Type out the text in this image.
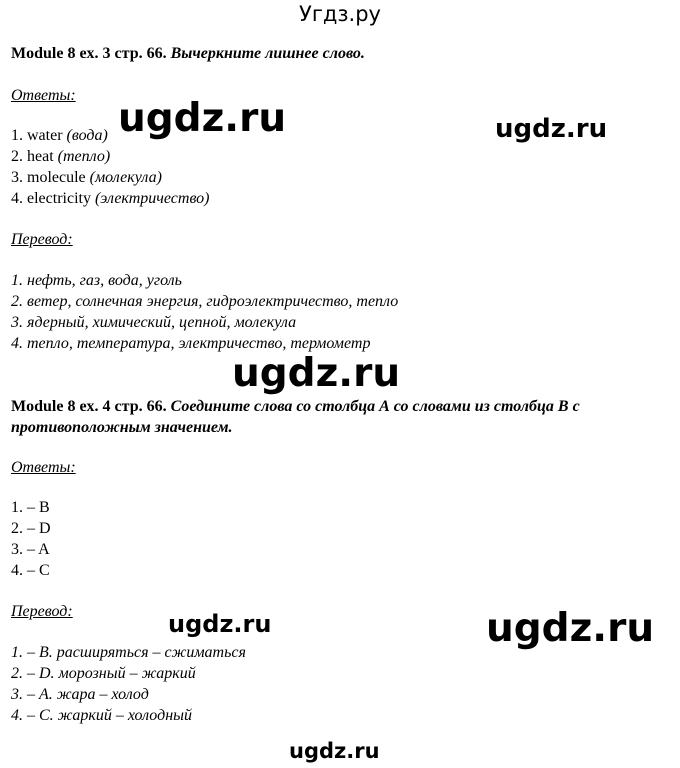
Угдз.ру
Module 8 ex. 3 стр. 66. Вычеркните лишнее слово.
Ответы:
1. water (вода)
2. heat (тепло)
3. molecule (молекула)
4. electricity (электричество)
Перевод:
1. нефть, газ, вода, уголь
2. ветер, солнечная энергия, гидроэлектричество, тепло
3. ядерный, химический, цепной, молекула
4. тепло, температура, электричество, термометр
Module 8 ex. 4 стр. 66. Соедините слова со столбца А со словами из столбца В с
противоположным значением.
Ответы:
1. – B
2. – D
3. – A
4. – C
Перевод:
1. – B. расширяться – сжиматься
2. – D. морозный – жаркий
3. – А. жара – холод
4. – С. жаркий – холодный
ugdz.ru	ugdz.ru
ugdz.ru
ugdz.ru	ugdz.ru
ugdz.ru
